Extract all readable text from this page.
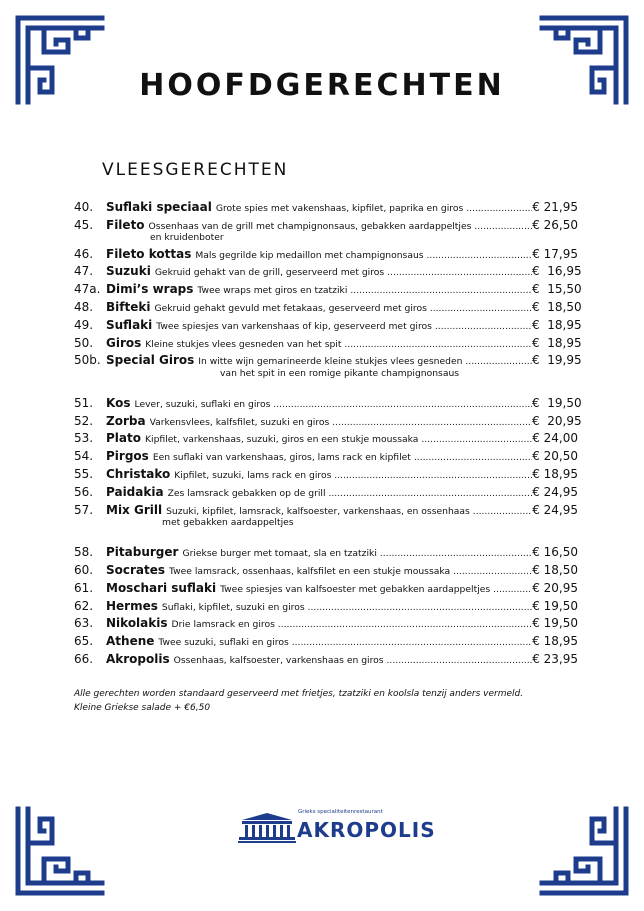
HOOFDGERECHTEN
VLEESGERECHTEN
40.	Suflaki speciaal Grote spies met vakenshaas, kipfilet, paprika en giros .....	€ 21,95
45.	Fileto Ossenhaas van de grill met champignonsaus, gebakken aardappeltjes .....	€ 26,50
en kruidenboter
46.	Fileto kottas Mals gegrilde kip medaillon met champignonsaus .....	€ 17,95
47.	Suzuki Gekruid gehakt van de grill, geserveerd met giros .....	€  16,95
47a. Dimi’s wraps Twee wraps met giros en tzatziki .....	€  15,50
48.	Bifteki Gekruid gehakt gevuld met fetakaas, geserveerd met giros .....	€  18,50
49.	Suflaki Twee spiesjes van varkenshaas of kip, geserveerd met giros .....	€  18,95
50.	Giros Kleine stukjes vlees gesneden van het spit .....	€  18,95
50b. Special Giros In witte wijn gemarineerde kleine stukjes vlees gesneden .....	€  19,95
van het spit in een romige pikante champignonsaus
51.	Kos Lever, suzuki, suflaki en giros .....	€  19,50
52.	Zorba Varkensvlees, kalfsfilet, suzuki en giros .....	€  20,95
53.	Plato Kipfilet, varkenshaas, suzuki, giros en een stukje moussaka .....	€ 24,00
54.	Pirgos Een suflaki van varkenshaas, giros, lams rack en kipfilet .....	€ 20,50
55.	Christako Kipfilet, suzuki, lams rack en giros .....	€ 18,95
56.	Paidakia Zes lamsrack gebakken op de grill .....	€ 24,95
57.	Mix Grill Suzuki, kipfilet, lamsrack, kalfsoester, varkenshaas, en ossenhaas .....	€ 24,95
met gebakken aardappeltjes
58.	Pitaburger Griekse burger met tomaat, sla en tzatziki .....	€ 16,50
60.	Socrates Twee lamsrack, ossenhaas, kalfsfilet en een stukje moussaka .....	€ 18,50
61.	Moschari suflaki Twee spiesjes van kalfsoester met gebakken aardappeltjes .....	€ 20,95
62.	Hermes Suflaki, kipfilet, suzuki en giros .....	€ 19,50
63.	Nikolakis Drie lamsrack en giros .....	€ 19,50
65.	Athene Twee suzuki, suflaki en giros .....	€ 18,95
66.	Akropolis Ossenhaas, kalfsoester, varkenshaas en giros .....	€ 23,95
Alle gerechten worden standaard geserveerd met frietjes, tzatziki en koolsla tenzij anders vermeld.
Kleine Griekse salade + €6,50
Grieks specialiteitenrestaurant
AKROPOLIS
